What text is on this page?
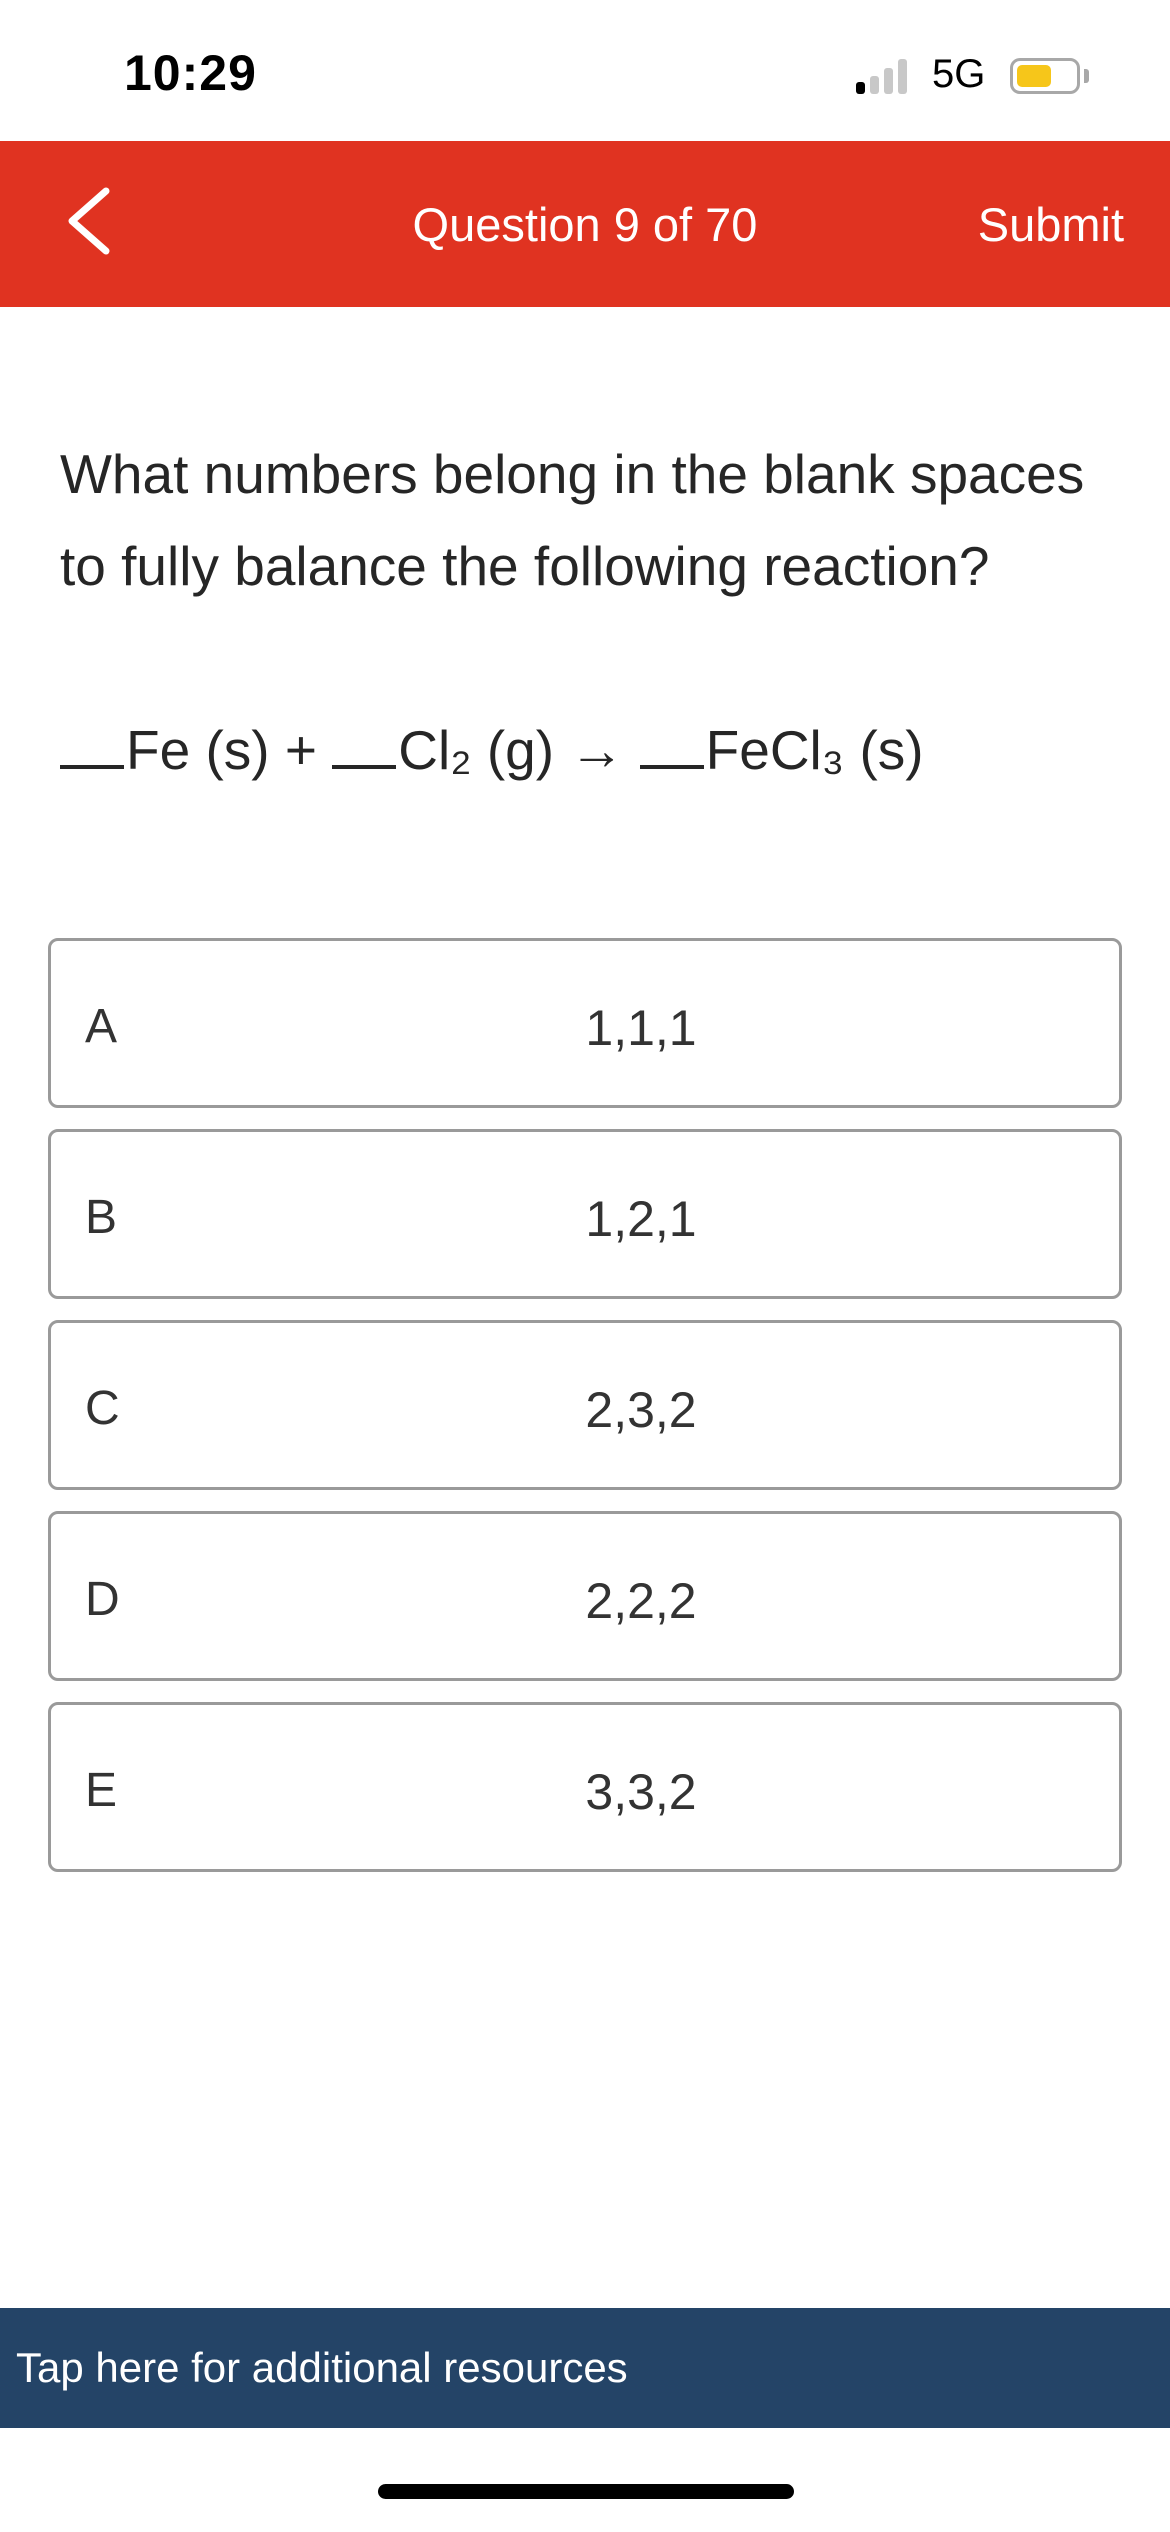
10:29	5G
Question 9 of 70	Submit
What numbers belong in the blank spaces to fully balance the following reaction?
Fe (s) + Cl₂ (g) → FeCl₃ (s)
A	1,1,1
B	1,2,1
C	2,3,2
D	2,2,2
E	3,3,2
Tap here for additional resources
